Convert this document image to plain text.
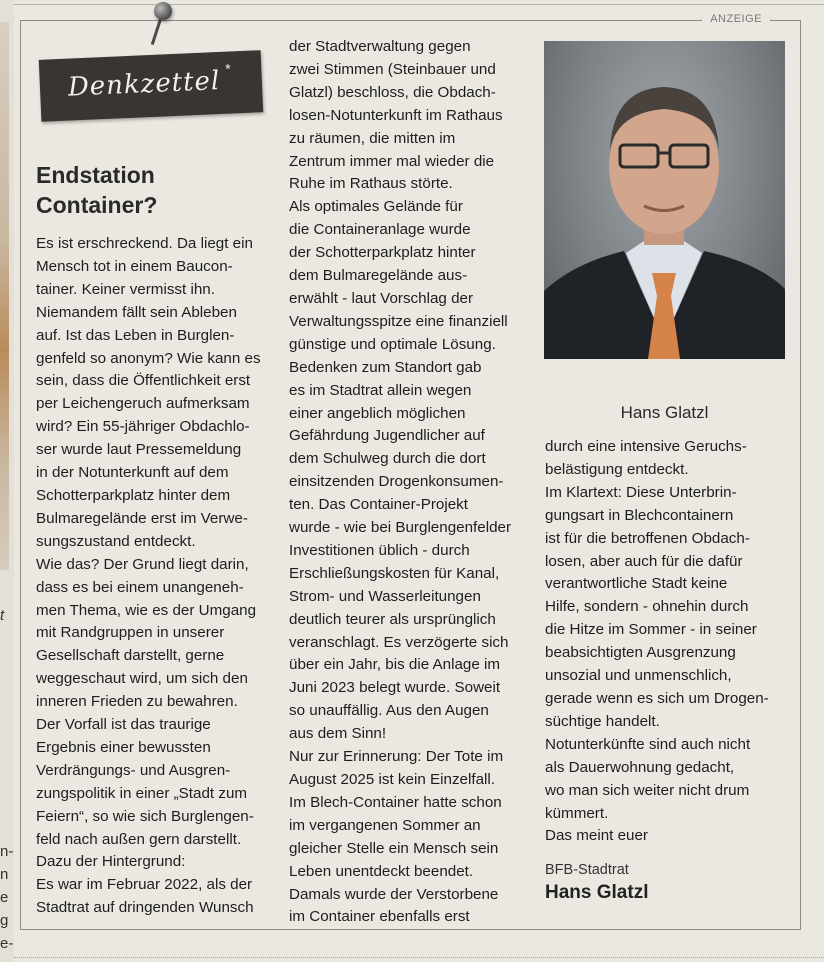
t
n-
n
e
g
e-
ANZEIGE
Denkzettel *
Endstation
Container?
Es ist erschreckend. Da liegt ein
Mensch tot in einem Baucon-
tainer. Keiner vermisst ihn.
Niemandem fällt sein Ableben
auf. Ist das Leben in Burglen-
genfeld so anonym? Wie kann es
sein, dass die Öffentlichkeit erst
per Leichengeruch aufmerksam
wird? Ein 55-jähriger Obdachlo-
ser wurde laut Pressemeldung
in der Notunterkunft auf dem
Schotterparkplatz hinter dem
Bulmaregelände erst im Verwe-
sungszustand entdeckt.
Wie das? Der Grund liegt darin,
dass es bei einem unangeneh-
men Thema, wie es der Umgang
mit Randgruppen in unserer
Gesellschaft darstellt, gerne
weggeschaut wird, um sich den
inneren Frieden zu bewahren.
Der Vorfall ist das traurige
Ergebnis einer bewussten
Verdrängungs- und Ausgren-
zungspolitik in einer „Stadt zum
Feiern“, so wie sich Burglengen-
feld nach außen gern darstellt.
Dazu der Hintergrund:
Es war im Februar 2022, als der
Stadtrat auf dringenden Wunsch
der Stadtverwaltung gegen
zwei Stimmen (Steinbauer und
Glatzl) beschloss, die Obdach-
losen-Notunterkunft im Rathaus
zu räumen, die mitten im
Zentrum immer mal wieder die
Ruhe im Rathaus störte.
Als optimales Gelände für
die Containeranlage wurde
der Schotterparkplatz hinter
dem Bulmaregelände aus-
erwählt - laut Vorschlag der
Verwaltungsspitze eine finanziell
günstige und optimale Lösung.
Bedenken zum Standort gab
es im Stadtrat allein wegen
einer angeblich möglichen
Gefährdung Jugendlicher auf
dem Schulweg durch die dort
einsitzenden Drogenkonsumen-
ten. Das Container-Projekt
wurde - wie bei Burglengenfelder
Investitionen üblich - durch
Erschließungskosten für Kanal,
Strom- und Wasserleitungen
deutlich teurer als ursprünglich
veranschlagt. Es verzögerte sich
über ein Jahr, bis die Anlage im
Juni 2023 belegt wurde. Soweit
so unauffällig. Aus den Augen
aus dem Sinn!
Nur zur Erinnerung: Der Tote im
August 2025 ist kein Einzelfall.
Im Blech-Container hatte schon
im vergangenen Sommer an
gleicher Stelle ein Mensch sein
Leben unentdeckt beendet.
Damals wurde der Verstorbene
im Container ebenfalls erst
Hans Glatzl
durch eine intensive Geruchs-
belästigung entdeckt.
Im Klartext: Diese Unterbrin-
gungsart in Blechcontainern
ist für die betroffenen Obdach-
losen, aber auch für die dafür
verantwortliche Stadt keine
Hilfe, sondern - ohnehin durch
die Hitze im Sommer - in seiner
beabsichtigten Ausgrenzung
unsozial und unmenschlich,
gerade wenn es sich um Drogen-
süchtige handelt.
Notunterkünfte sind auch nicht
als Dauerwohnung gedacht,
wo man sich weiter nicht drum
kümmert.
Das meint euer
BFB-Stadtrat
Hans Glatzl
